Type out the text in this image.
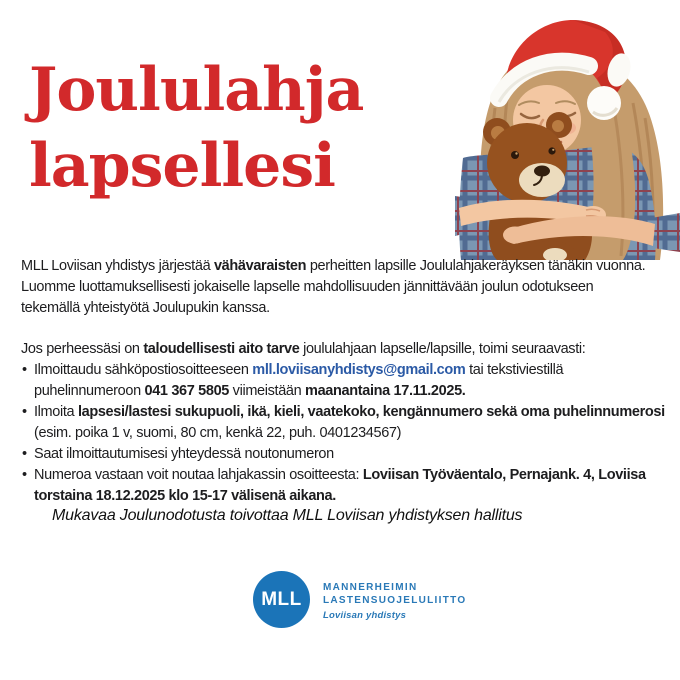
Joululahja
lapsellesi

MLL Loviisan yhdistys järjestää vähävaraisten perheitten lapsille Joululahjakeräyksen tänäkin vuonna.
Luomme luottamuksellisesti jokaiselle lapselle mahdollisuuden jännittävään joulun odotukseen
tekemällä yhteistyötä Joulupukin kanssa.

Jos perheessäsi on taloudellisesti aito tarve joululahjaan lapselle/lapsille, toimi seuraavasti:

• Ilmoittaudu sähköpostiosoitteeseen mll.loviisanyhdistys@gmail.com tai tekstiviestillä
puhelinnumeroon 041 367 5805 viimeistään maanantaina 17.11.2025.
• Ilmoita lapsesi/lastesi sukupuoli, ikä, kieli, vaatekoko, kengännumero sekä oma puhelinnumerosi
(esim. poika 1 v, suomi, 80 cm, kenkä 22, puh. 0401234567)
• Saat ilmoittautumisesi yhteydessä noutonumeron
• Numeroa vastaan voit noutaa lahjakassin osoitteesta: Loviisan Työväentalo, Pernajank. 4, Loviisa
torstaina 18.12.2025 klo 15-17 välisenä aikana.
Mukavaa Joulunodotusta toivottaa MLL Loviisan yhdistyksen hallitus
MLL
MANNERHEIMIN
LASTENSUOJELULIITTO
Loviisan yhdistys
